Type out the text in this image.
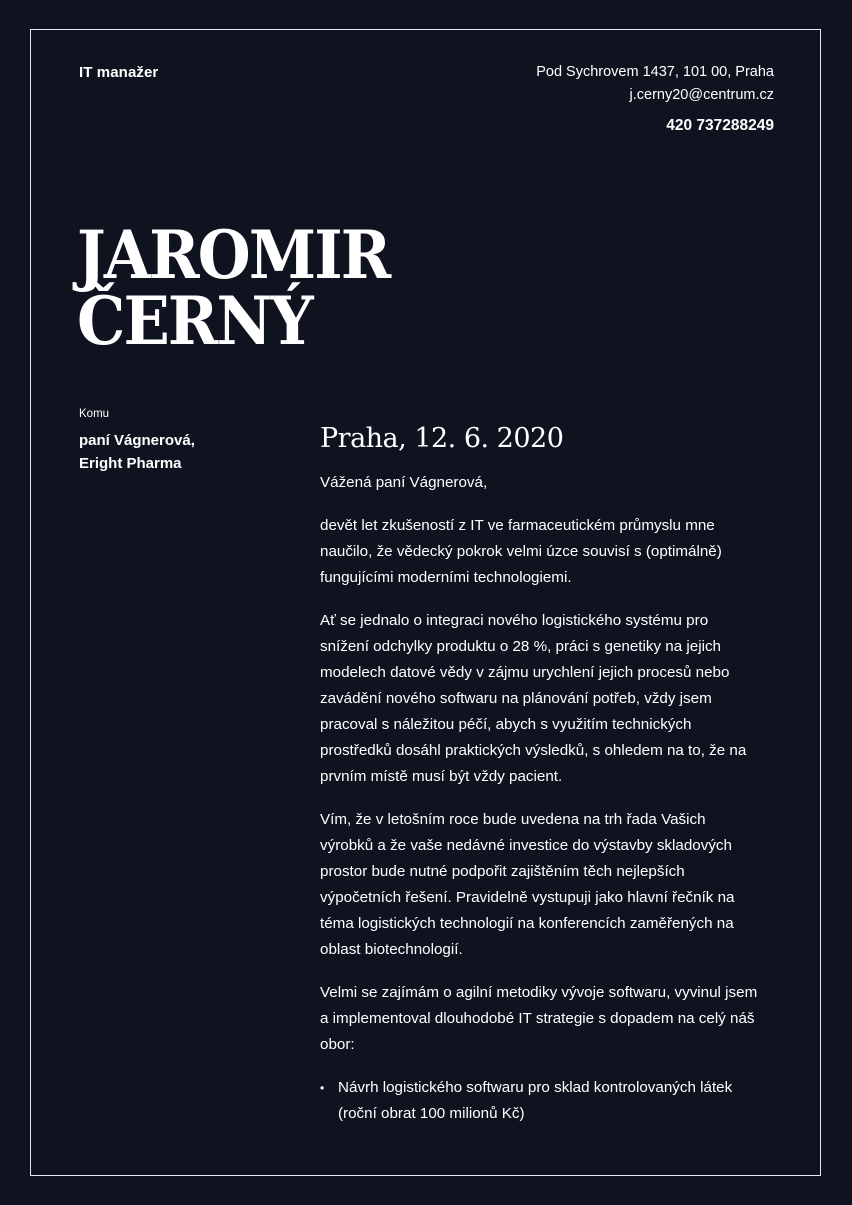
IT manažer	Pod Sychrovem 1437, 101 00, Praha
j.cerny20@centrum.cz
420 737288249
JAROMIR
ČERNÝ
Komu
paní Vágnerová,
Eright Pharma
Praha, 12. 6. 2020

Vážená paní Vágnerová,

devět let zkušeností z IT ve farmaceutickém průmyslu mne naučilo, že vědecký pokrok velmi úzce souvisí s (optimálně) fungujícími moderními technologiemi.

Ať se jednalo o integraci nového logistického systému pro snížení odchylky produktu o 28 %, práci s genetiky na jejich modelech datové vědy v zájmu urychlení jejich procesů nebo zavádění nového softwaru na plánování potřeb, vždy jsem pracoval s náležitou péčí, abych s využitím technických prostředků dosáhl praktických výsledků, s ohledem na to, že na prvním místě musí být vždy pacient.

Vím, že v letošním roce bude uvedena na trh řada Vašich výrobků a že vaše nedávné investice do výstavby skladových prostor bude nutné podpořit zajištěním těch nejlepších výpočetních řešení. Pravidelně vystupuji jako hlavní řečník na téma logistických technologií na konferencích zaměřených na oblast biotechnologií.

Velmi se zajímám o agilní metodiky vývoje softwaru, vyvinul jsem a implementoval dlouhodobé IT strategie s dopadem na celý náš obor:

• Návrh logistického softwaru pro sklad kontrolovaných látek (roční obrat 100 milionů Kč)
